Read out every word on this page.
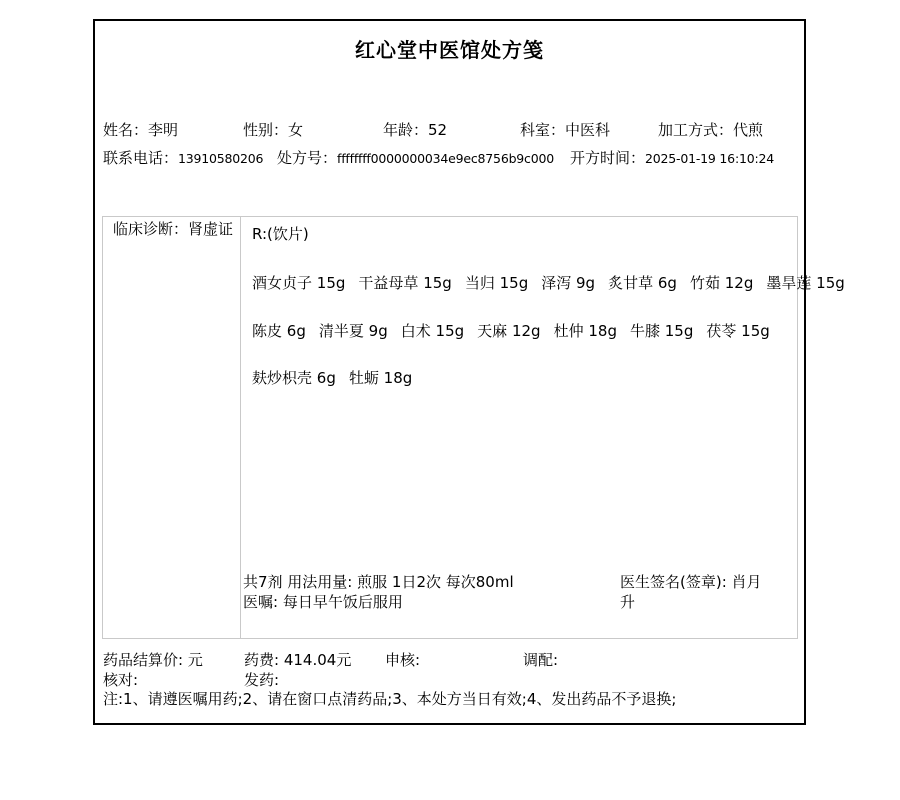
红心堂中医馆处方笺
姓名：李明	性别：女	年龄：52	科室：中医科	加工方式：代煎
联系电话：13910580206 处方号：ffffffff0000000034e9ec8756b9c000 开方时间：2025-01-19 16:10:24
临床诊断：肾虚证 R:(饮片)
酒女贞子 15g 干益母草 15g 当归 15g 泽泻 9g 炙甘草 6g 竹茹 12g 墨旱莲 15g
陈皮 6g 清半夏 9g 白术 15g 天麻 12g 杜仲 18g 牛膝 15g 茯苓 15g
麸炒枳壳 6g 牡蛎 18g
共7剂 用法用量: 煎服 1日2次 每次80ml
医嘱: 每日早午饭后服用
医生签名(签章): 肖月升
药品结算价: 元	药费: 414.04元 申核:	调配:
核对:	发药:
注:1、请遵医嘱用药;2、请在窗口点清药品;3、本处方当日有效;4、发出药品不予退换;
